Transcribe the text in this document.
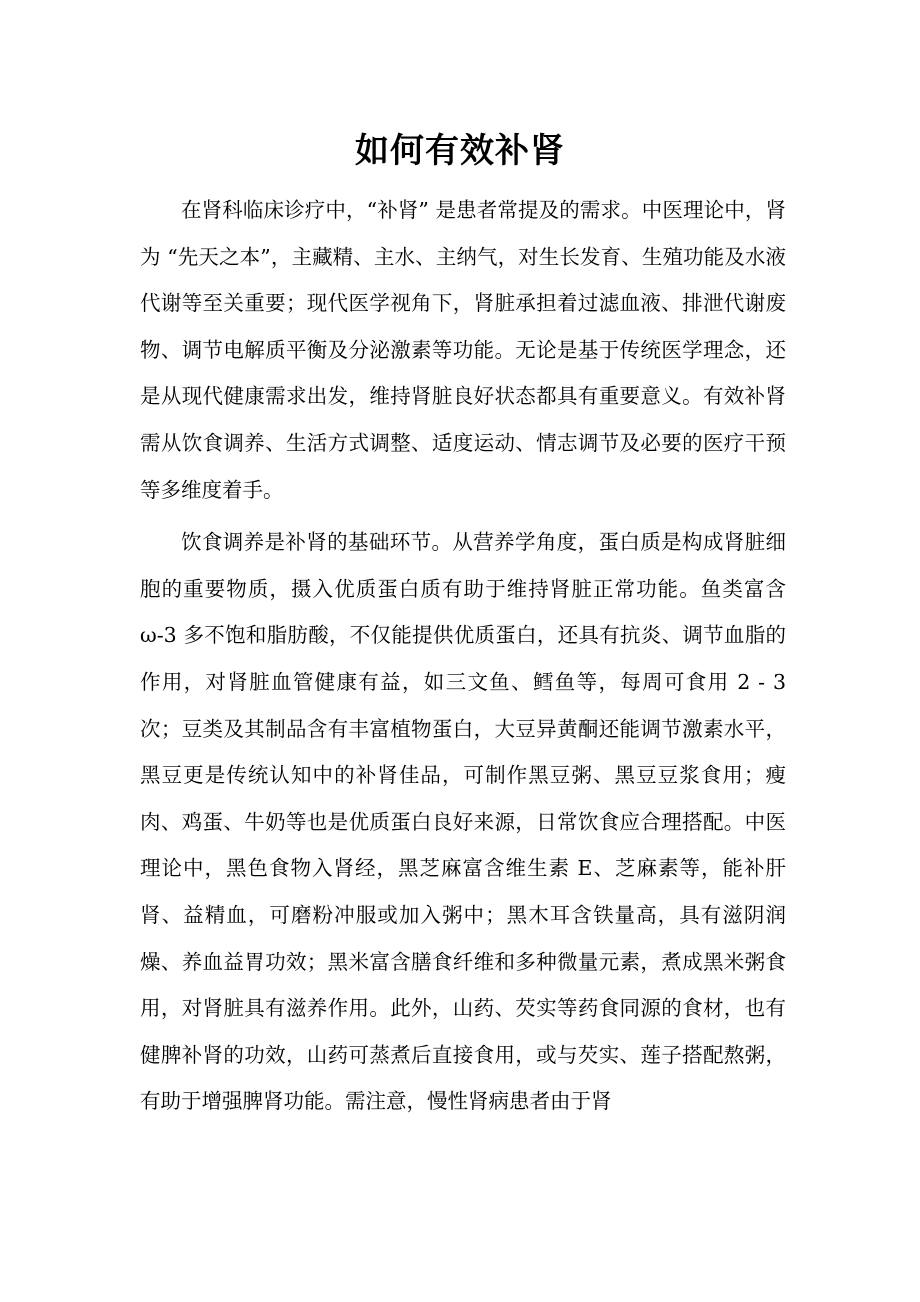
如何有效补肾

在肾科临床诊疗中，“补肾” 是患者常提及的需求。中医理论中，肾为 “先天之本”，主藏精、主水、主纳气，对生长发育、生殖功能及水液代谢等至关重要；现代医学视角下，肾脏承担着过滤血液、排泄代谢废物、调节电解质平衡及分泌激素等功能。无论是基于传统医学理念，还是从现代健康需求出发，维持肾脏良好状态都具有重要意义。有效补肾需从饮食调养、生活方式调整、适度运动、情志调节及必要的医疗干预等多维度着手。

饮食调养是补肾的基础环节。从营养学角度，蛋白质是构成肾脏细胞的重要物质，摄入优质蛋白质有助于维持肾脏正常功能。鱼类富含 ω-3 多不饱和脂肪酸，不仅能提供优质蛋白，还具有抗炎、调节血脂的作用，对肾脏血管健康有益，如三文鱼、鳕鱼等，每周可食用 2 - 3 次；豆类及其制品含有丰富植物蛋白，大豆异黄酮还能调节激素水平，黑豆更是传统认知中的补肾佳品，可制作黑豆粥、黑豆豆浆食用；瘦肉、鸡蛋、牛奶等也是优质蛋白良好来源，日常饮食应合理搭配。中医理论中，黑色食物入肾经，黑芝麻富含维生素 E、芝麻素等，能补肝肾、益精血，可磨粉冲服或加入粥中；黑木耳含铁量高，具有滋阴润燥、养血益胃功效；黑米富含膳食纤维和多种微量元素，煮成黑米粥食用，对肾脏具有滋养作用。此外，山药、芡实等药食同源的食材，也有健脾补肾的功效，山药可蒸煮后直接食用，或与芡实、莲子搭配熬粥，有助于增强脾肾功能。需注意，慢性肾病患者由于肾
